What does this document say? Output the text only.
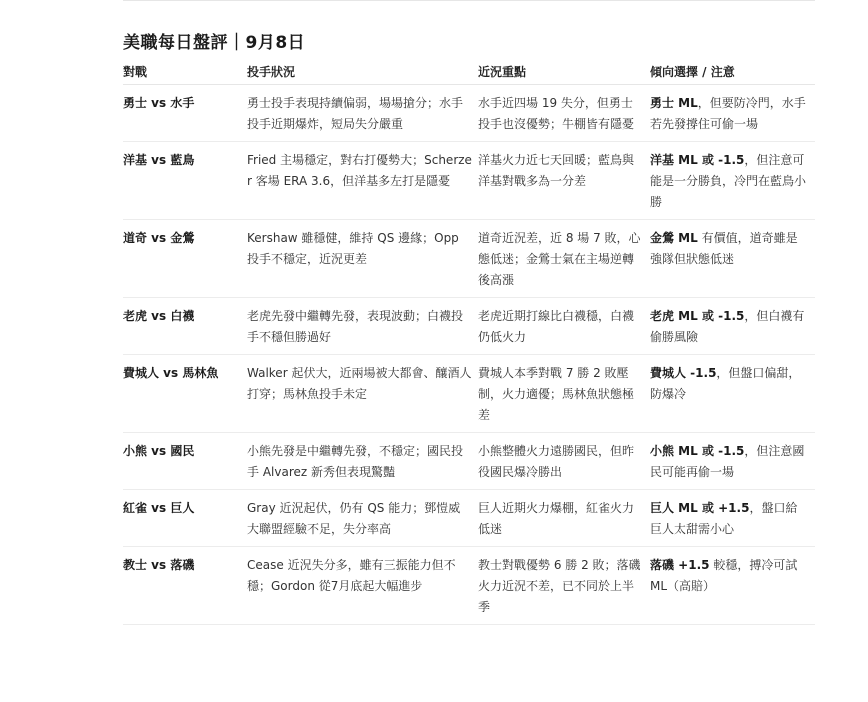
美職每日盤評｜9月8日
對戰	投手狀況	近況重點	傾向選擇 / 注意
勇士 vs 水手	勇士投手表現持續偏弱，場場搶分；水手投手近期爆炸，短局失分嚴重	水手近四場 19 失分，但勇士投手也沒優勢；牛棚皆有隱憂	勇士 ML，但要防冷門，水手若先發撐住可偷一場
洋基 vs 藍鳥	Fried 主場穩定，對右打優勢大；Scherzer 客場 ERA 3.6，但洋基多左打是隱憂	洋基火力近七天回暖；藍鳥與洋基對戰多為一分差	洋基 ML 或 -1.5，但注意可能是一分勝負，冷門在藍鳥小勝
道奇 vs 金鶯	Kershaw 雖穩健，維持 QS 邊緣；Opp 投手不穩定，近況更差	道奇近況差，近 8 場 7 敗，心態低迷；金鶯士氣在主場逆轉後高漲	金鶯 ML 有價值，道奇雖是強隊但狀態低迷
老虎 vs 白襪	老虎先發中繼轉先發，表現波動；白襪投手不穩但勝過好	老虎近期打線比白襪穩，白襪仍低火力	老虎 ML 或 -1.5，但白襪有偷勝風險
費城人 vs 馬林魚	Walker 起伏大，近兩場被大都會、釀酒人打穿；馬林魚投手未定	費城人本季對戰 7 勝 2 敗壓制，火力適優；馬林魚狀態極差	費城人 -1.5，但盤口偏甜，防爆冷
小熊 vs 國民	小熊先發是中繼轉先發，不穩定；國民投手 Alvarez 新秀但表現驚豔	小熊整體火力遠勝國民，但昨役國民爆冷勝出	小熊 ML 或 -1.5，但注意國民可能再偷一場
紅雀 vs 巨人	Gray 近況起伏，仍有 QS 能力；鄧愷威大聯盟經驗不足，失分率高	巨人近期火力爆棚，紅雀火力低迷	巨人 ML 或 +1.5，盤口給巨人太甜需小心
教士 vs 落磯	Cease 近況失分多，雖有三振能力但不穩；Gordon 從7月底起大幅進步	教士對戰優勢 6 勝 2 敗；落磯火力近況不差，已不同於上半季	落磯 +1.5 較穩，搏冷可試 ML（高賠）
